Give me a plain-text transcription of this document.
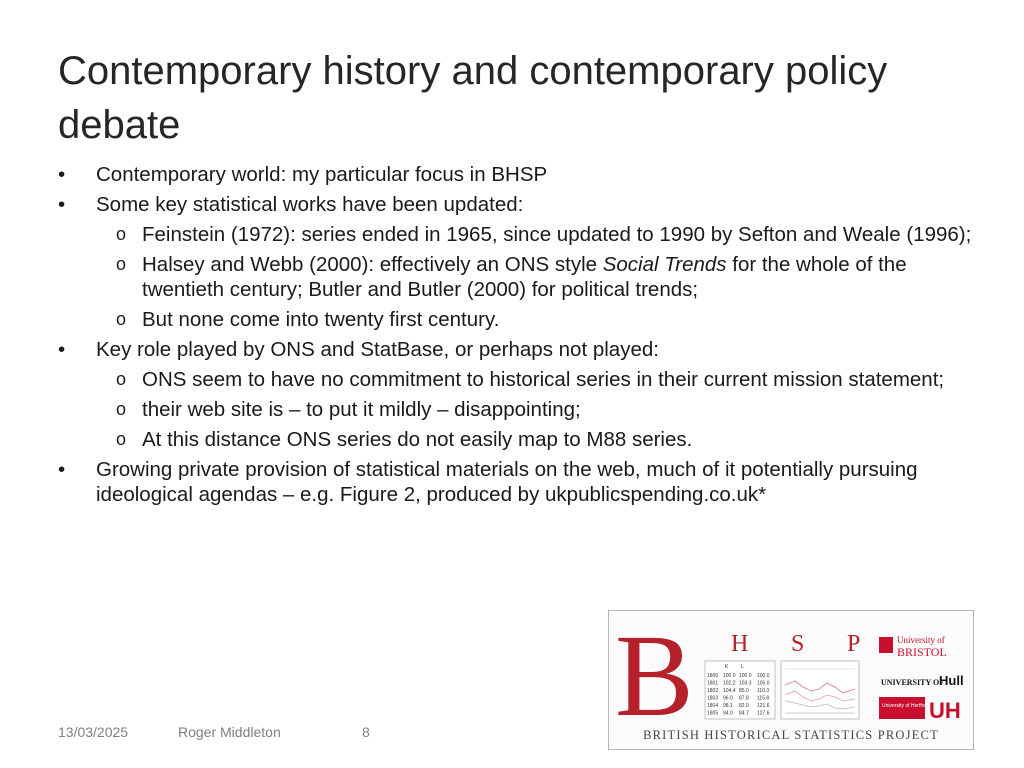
Contemporary history and contemporary policy debate
• Contemporary world: my particular focus in BHSP
• Some key statistical works have been updated:
o Feinstein (1972): series ended in 1965, since updated to 1990 by Sefton and Weale (1996);
o Halsey and Webb (2000): effectively an ONS style Social Trends for the whole of the twentieth century; Butler and Butler (2000) for political trends;
o But none come into twenty first century.
• Key role played by ONS and StatBase, or perhaps not played:
o ONS seem to have no commitment to historical series in their current mission statement;
o their web site is – to put it mildly – disappointing;
o At this distance ONS series do not easily map to M88 series.
• Growing private provision of statistical materials on the web, much of it potentially pursuing ideological agendas – e.g. Figure 2, produced by ukpublicspending.co.uk*
13/03/2025	Roger Middleton	8 B H S P
K	L
1800 100.0 100.0 100.0
1801 102.2 103.3 105.0
1802 104.4 85.0 110.3
1803 96.0 87.8 115.8
1804 98.1 82.0 121.6
1805 94.0 84.7 127.6
University of
BRISTOL
UNIVERSITY OF
Hull
University of Hertfordshire
UH
BRITISH HISTORICAL STATISTICS PROJECT
